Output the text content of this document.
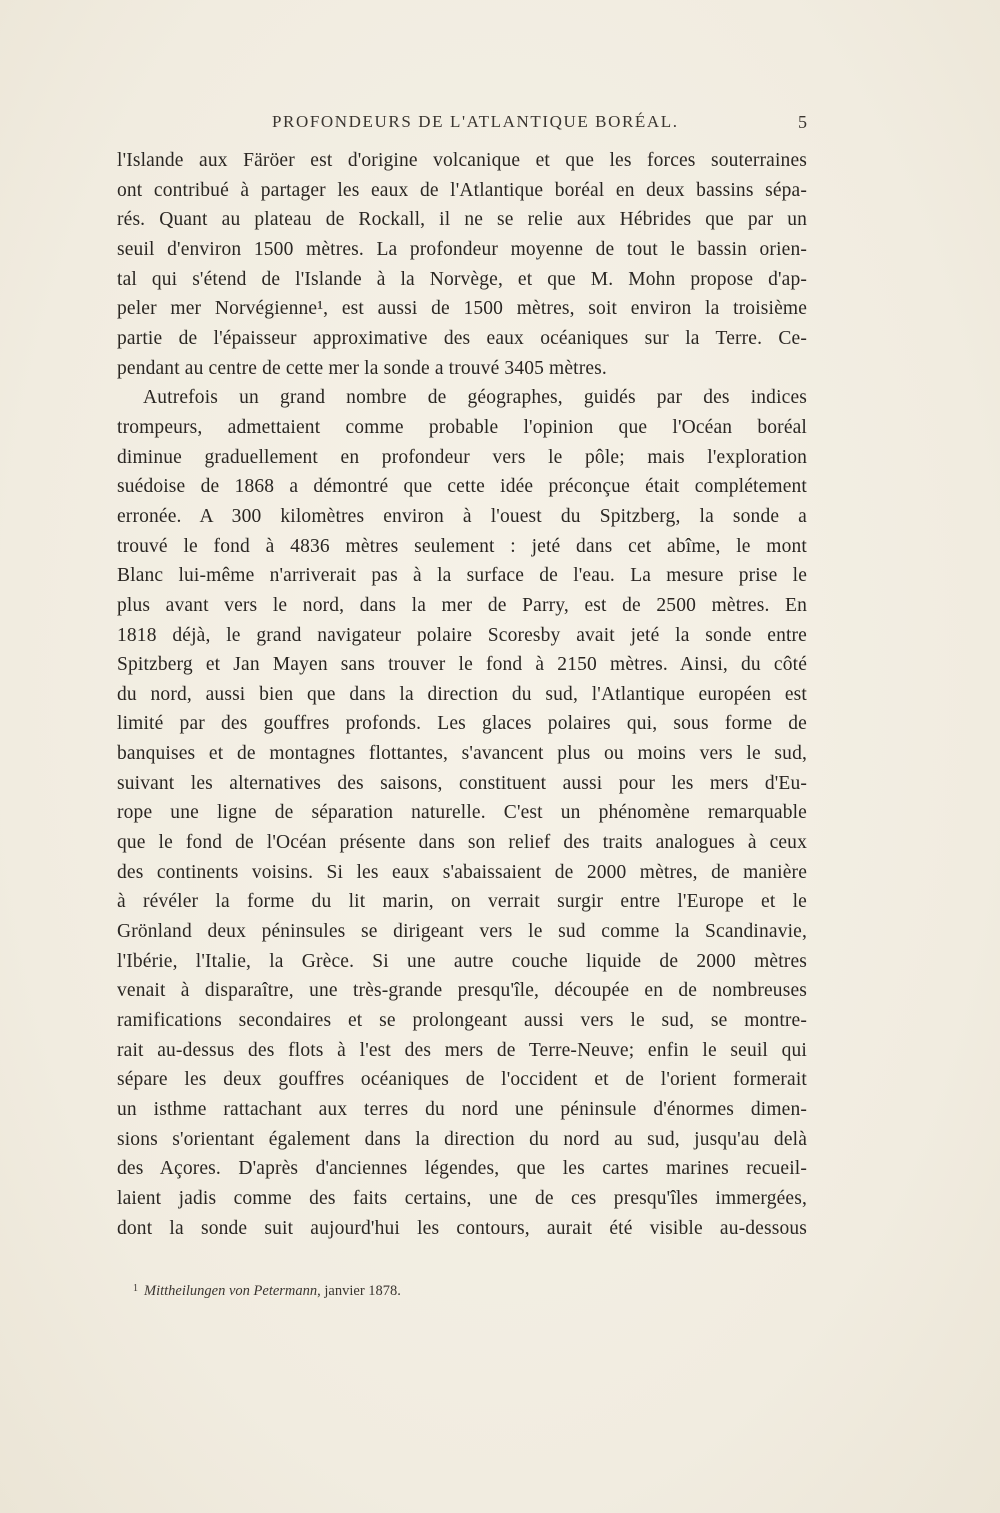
PROFONDEURS DE L'ATLANTIQUE BORÉAL.	5
l'Islande aux Färöer est d'origine volcanique et que les forces souterraines
ont contribué à partager les eaux de l'Atlantique boréal en deux bassins sépa-
rés. Quant au plateau de Rockall, il ne se relie aux Hébrides que par un
seuil d'environ 1500 mètres. La profondeur moyenne de tout le bassin orien-
tal qui s'étend de l'Islande à la Norvège, et que M. Mohn propose d'ap-
peler mer Norvégienne¹, est aussi de 1500 mètres, soit environ la troisième
partie de l'épaisseur approximative des eaux océaniques sur la Terre. Ce-
pendant au centre de cette mer la sonde a trouvé 3405 mètres.
Autrefois un grand nombre de géographes, guidés par des indices
trompeurs, admettaient comme probable l'opinion que l'Océan boréal
diminue graduellement en profondeur vers le pôle; mais l'exploration
suédoise de 1868 a démontré que cette idée préconçue était complétement
erronée. A 300 kilomètres environ à l'ouest du Spitzberg, la sonde a
trouvé le fond à 4836 mètres seulement : jeté dans cet abîme, le mont
Blanc lui-même n'arriverait pas à la surface de l'eau. La mesure prise le
plus avant vers le nord, dans la mer de Parry, est de 2500 mètres. En
1818 déjà, le grand navigateur polaire Scoresby avait jeté la sonde entre
Spitzberg et Jan Mayen sans trouver le fond à 2150 mètres. Ainsi, du côté
du nord, aussi bien que dans la direction du sud, l'Atlantique européen est
limité par des gouffres profonds. Les glaces polaires qui, sous forme de
banquises et de montagnes flottantes, s'avancent plus ou moins vers le sud,
suivant les alternatives des saisons, constituent aussi pour les mers d'Eu-
rope une ligne de séparation naturelle. C'est un phénomène remarquable
que le fond de l'Océan présente dans son relief des traits analogues à ceux
des continents voisins. Si les eaux s'abaissaient de 2000 mètres, de manière
à révéler la forme du lit marin, on verrait surgir entre l'Europe et le
Grönland deux péninsules se dirigeant vers le sud comme la Scandinavie,
l'Ibérie, l'Italie, la Grèce. Si une autre couche liquide de 2000 mètres
venait à disparaître, une très-grande presqu'île, découpée en de nombreuses
ramifications secondaires et se prolongeant aussi vers le sud, se montre-
rait au-dessus des flots à l'est des mers de Terre-Neuve; enfin le seuil qui
sépare les deux gouffres océaniques de l'occident et de l'orient formerait
un isthme rattachant aux terres du nord une péninsule d'énormes dimen-
sions s'orientant également dans la direction du nord au sud, jusqu'au delà
des Açores. D'après d'anciennes légendes, que les cartes marines recueil-
laient jadis comme des faits certains, une de ces presqu'îles immergées,
dont la sonde suit aujourd'hui les contours, aurait été visible au-dessous
$^1$ Mittheilungen von Petermann, janvier 1878.
